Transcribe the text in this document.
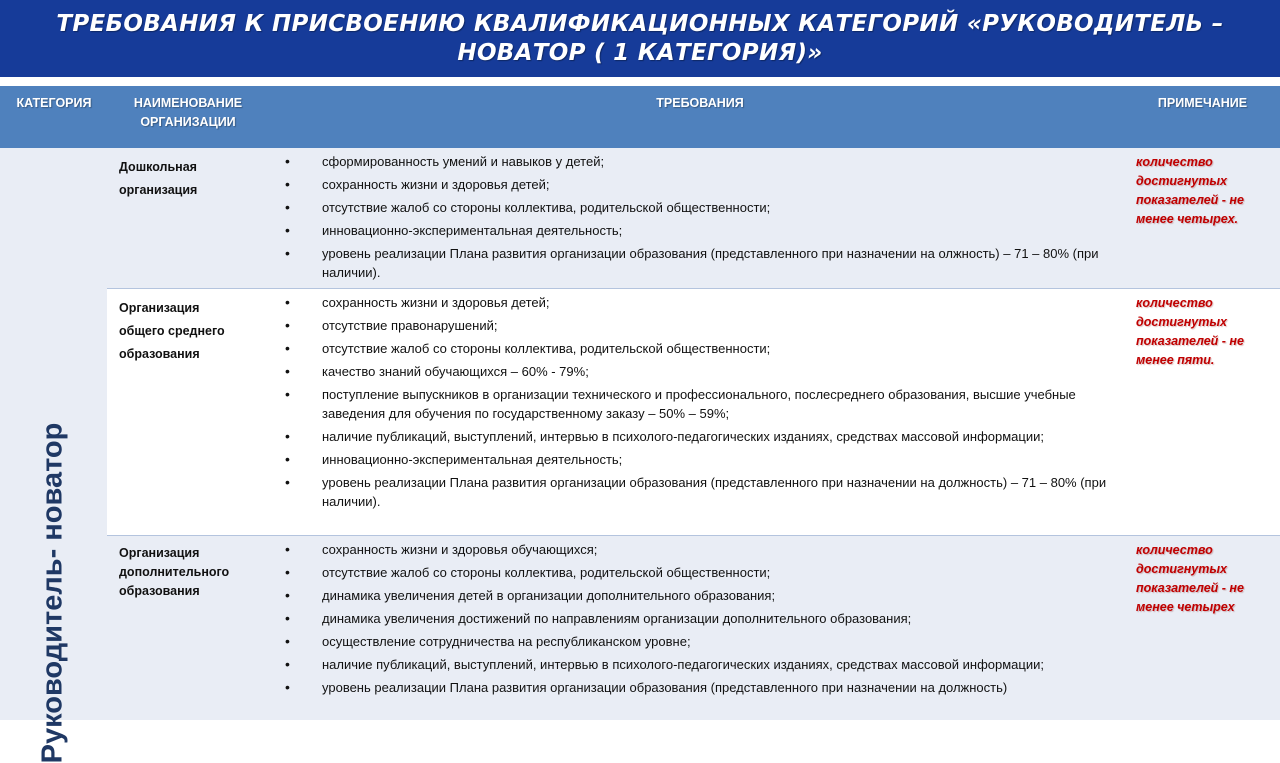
ТРЕБОВАНИЯ К ПРИСВОЕНИЮ КВАЛИФИКАЦИОННЫХ КАТЕГОРИЙ «РУКОВОДИТЕЛЬ –
НОВАТОР ( 1 КАТЕГОРИЯ)»
КАТЕГОРИЯ	НАИМЕНОВАНИЕ
ОРГАНИЗАЦИИ
ТРЕБОВАНИЯ	ПРИМЕЧАНИЕ
Руководитель- новатор
Дошкольная
организация
• сформированность умений и навыков у детей;
• сохранность жизни и здоровья детей;
• отсутствие жалоб со стороны коллектива, родительской общественности;
• инновационно-экспериментальная деятельность;
• уровень реализации Плана развития организации образования (представленного при назначении на олжность) – 71 – 80% (при наличии).
количество достигнутых показателей - не менее четырех.
Организация
общего среднего
образования
• сохранность жизни и здоровья детей;
• отсутствие правонарушений;
• отсутствие жалоб со стороны коллектива, родительской общественности;
• качество знаний обучающихся – 60% - 79%;
• поступление выпускников в организации технического и профессионального, послесреднего образования, высшие учебные заведения для обучения по государственному заказу – 50% – 59%;
• наличие публикаций, выступлений, интервью в психолого-педагогических изданиях, средствах массовой информации;
• инновационно-экспериментальная деятельность;
• уровень реализации Плана развития организации образования (представленного при назначении на должность) – 71 – 80% (при наличии).
количество достигнутых показателей - не менее пяти.
Организация
дополнительного
образования
• сохранность жизни и здоровья обучающихся;
• отсутствие жалоб со стороны коллектива, родительской общественности;
• динамика увеличения детей в организации дополнительного образования;
• динамика увеличения достижений по направлениям организации дополнительного образования;
• осуществление сотрудничества на республиканском уровне;
• наличие публикаций, выступлений, интервью в психолого-педагогических изданиях, средствах массовой информации;
• уровень реализации Плана развития организации образования (представленного при назначении на должность)
количество достигнутых показателей - не менее четырех
